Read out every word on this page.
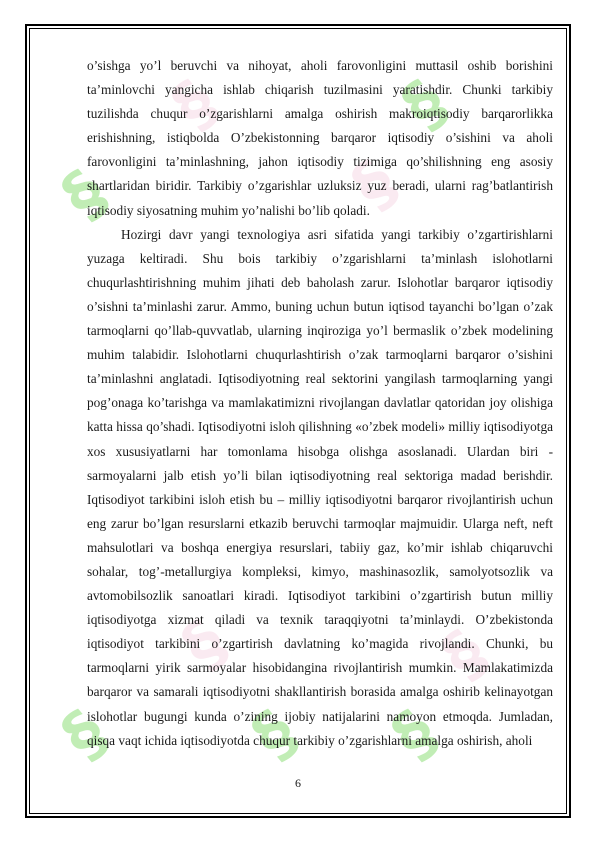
§
§
§
§
§
§
§ §
§

o’sishga yo’l beruvchi va nihoyat, aholi farovonligini muttasil oshib borishini ta’minlovchi yangicha ishlab chiqarish tuzilmasini yaratishdir. Chunki tarkibiy tuzilishda chuqur o’zgarishlarni amalga oshirish makroiqtisodiy barqarorlikka erishishning, istiqbolda O’zbekistonning barqaror iqtisodiy o’sishini va aholi farovonligini ta’minlashning, jahon iqtisodiy tizimiga qo’shilishning eng asosiy shartlaridan biridir. Tarkibiy o’zgarishlar uzluksiz yuz beradi, ularni rag’batlantirish iqtisodiy siyosatning muhim yo’nalishi bo’lib qoladi.

Hozirgi davr yangi texnologiya asri sifatida yangi tarkibiy o’zgartirishlarni yuzaga keltiradi. Shu bois tarkibiy o’zgarishlarni ta’minlash islohotlarni chuqurlashtirishning muhim jihati deb baholash zarur. Islohotlar barqaror iqtisodiy o’sishni ta’minlashi zarur. Ammo, buning uchun butun iqtisod tayanchi bo’lgan o’zak tarmoqlarni qo’llab-quvvatlab, ularning inqiroziga yo’l bermaslik o’zbek modelining muhim talabidir. Islohotlarni chuqurlashtirish o’zak tarmoqlarni barqaror o’sishini ta’minlashni anglatadi. Iqtisodiyotning real sektorini yangilash tarmoqlarning yangi pog’onaga ko’tarishga va mamlakatimizni rivojlangan davlatlar qatoridan joy olishiga katta hissa qo’shadi. Iqtisodiyotni isloh qilishning «o’zbek modeli» milliy iqtisodiyotga xos xususiyatlarni har tomonlama hisobga olishga asoslanadi. Ulardan biri - sarmoyalarni jalb etish yo’li bilan iqtisodiyotning real sektoriga madad berishdir. Iqtisodiyot tarkibini isloh etish bu – milliy iqtisodiyotni barqaror rivojlantirish uchun eng zarur bo’lgan resurslarni etkazib beruvchi tarmoqlar majmuidir. Ularga neft, neft mahsulotlari va boshqa energiya resurslari, tabiiy gaz, ko’mir ishlab chiqaruvchi sohalar, tog’-metallurgiya kompleksi, kimyo, mashinasozlik, samolyotsozlik va avtomobilsozlik sanoatlari kiradi. Iqtisodiyot tarkibini o’zgartirish butun milliy iqtisodiyotga xizmat qiladi va texnik taraqqiyotni ta’minlaydi. O’zbekistonda iqtisodiyot tarkibini o’zgartirish davlatning ko’magida rivojlandi. Chunki, bu tarmoqlarni yirik sarmoyalar hisobidangina rivojlantirish mumkin. Mamlakatimizda barqaror va samarali iqtisodiyotni shakllantirish borasida amalga oshirib kelinayotgan islohotlar bugungi kunda o’zining ijobiy natijalarini namoyon etmoqda. Jumladan, qisqa vaqt ichida iqtisodiyotda chuqur tarkibiy o’zgarishlarni amalga oshirish, aholi

6
